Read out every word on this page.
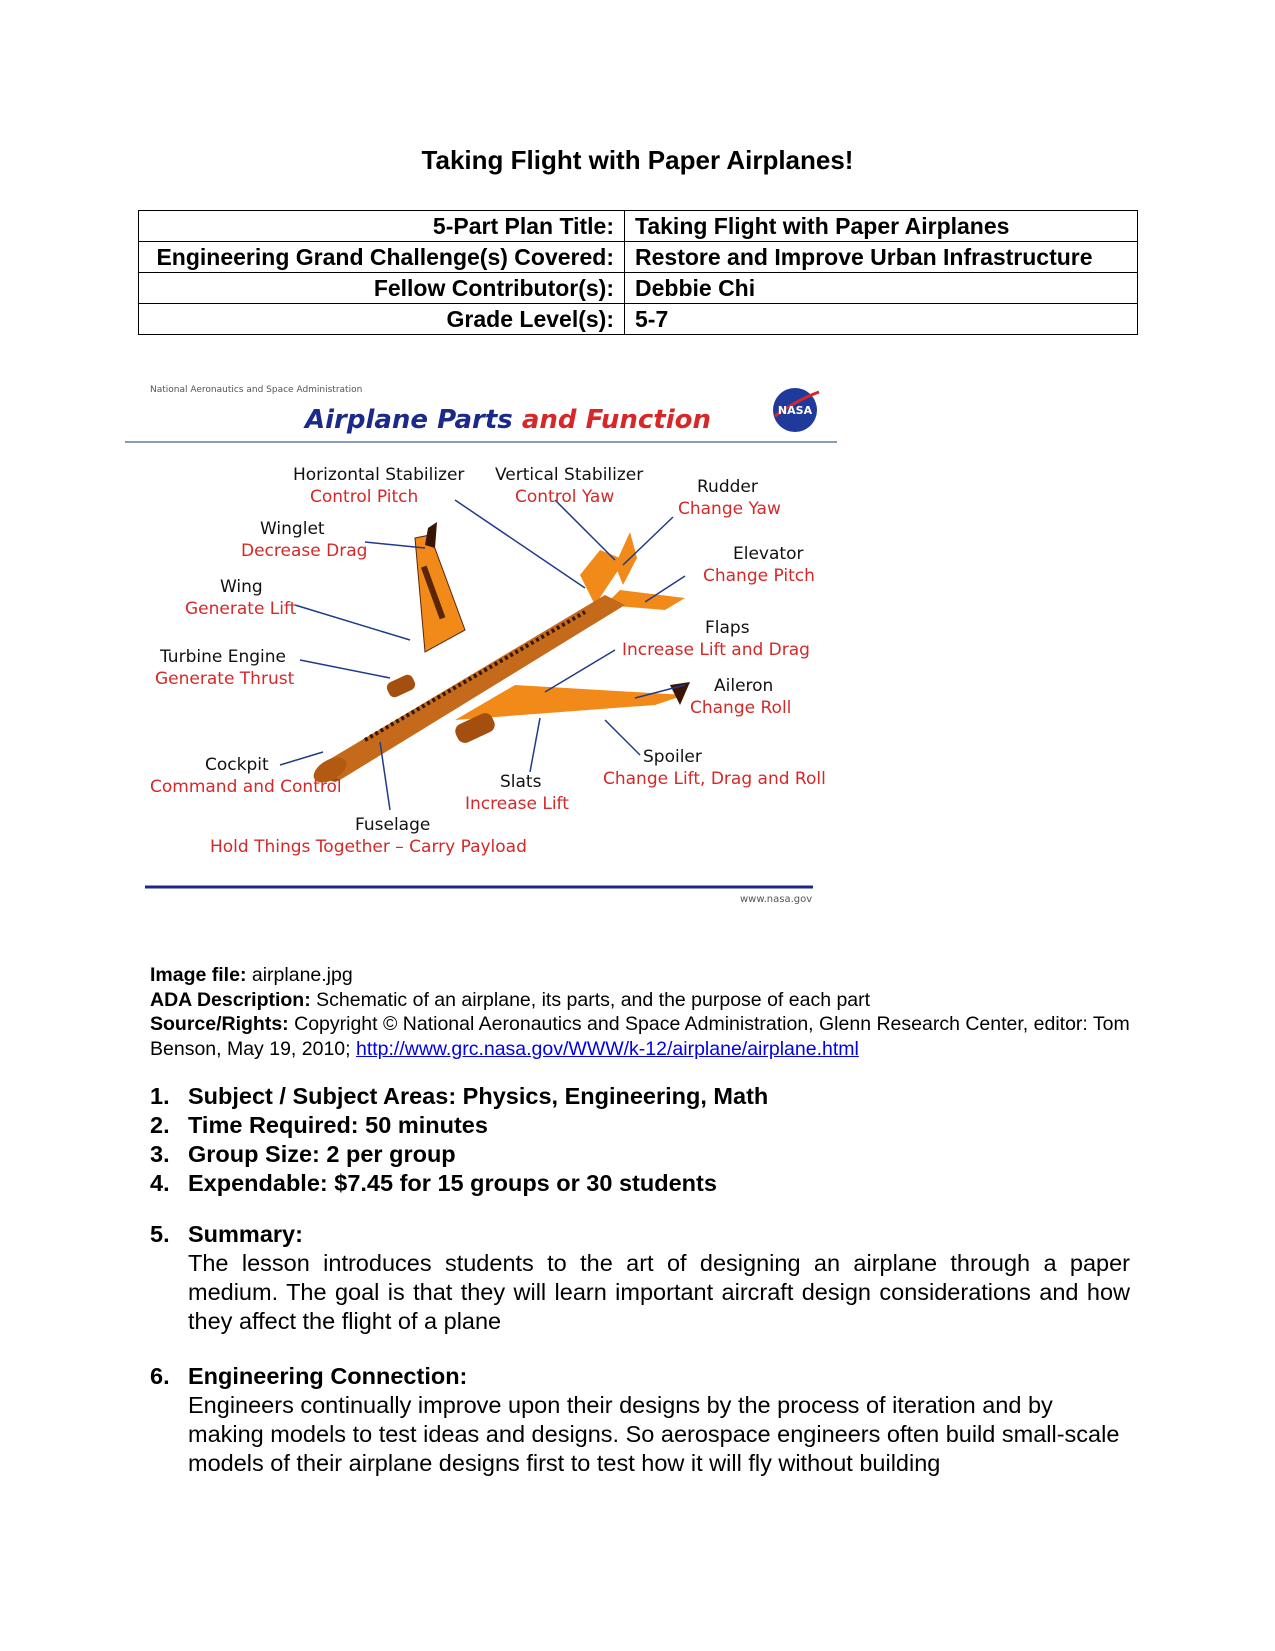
Taking Flight with Paper Airplanes!
5-Part Plan Title:	Taking Flight with Paper Airplanes
Engineering Grand Challenge(s) Covered:	Restore and Improve Urban Infrastructure
Fellow Contributor(s):	Debbie Chi
Grade Level(s):	5-7
National Aeronautics and Space Administration
Airplane Parts and Function	NASA
Horizontal Stabilizer
Control Pitch
Vertical Stabilizer
Control Yaw	Rudder
Change Yaw
Winglet
Decrease Drag	Elevator
Change Pitch
Wing
Generate Lift
Flaps
Increase Lift and Drag
Turbine Engine
Generate Thrust	Aileron
Change Roll
Spoiler
Change Lift, Drag and Roll
Cockpit
Command and Control	Slats
Increase Lift
Fuselage
Hold Things Together – Carry Payload
www.nasa.gov
Image file: airplane.jpg
ADA Description: Schematic of an airplane, its parts, and the purpose of each part
Source/Rights: Copyright © National Aeronautics and Space Administration, Glenn Research Center, editor: Tom Benson, May 19, 2010; http://www.grc.nasa.gov/WWW/k-12/airplane/airplane.html
1. Subject / Subject Areas: Physics, Engineering, Math
2. Time Required: 50 minutes
3. Group Size: 2 per group
4. Expendable: $7.45 for 15 groups or 30 students
5. Summary:
The lesson introduces students to the art of designing an airplane through a paper medium. The goal is that they will learn important aircraft design considerations and how they affect the flight of a plane
6. Engineering Connection:
Engineers continually improve upon their designs by the process of iteration and by making models to test ideas and designs. So aerospace engineers often build small-scale models of their airplane designs first to test how it will fly without building
